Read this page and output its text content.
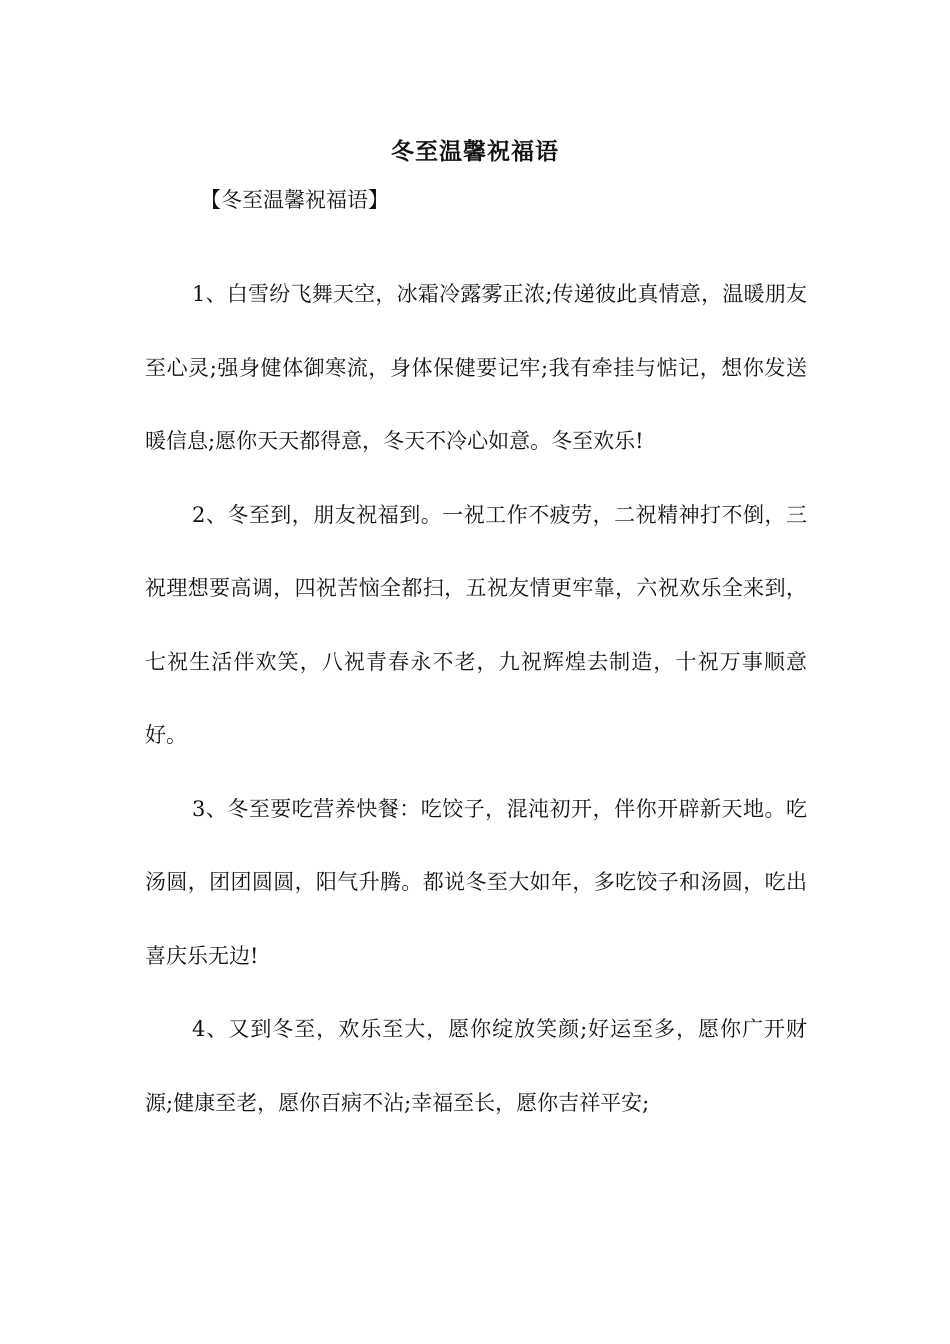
冬至温馨祝福语

【冬至温馨祝福语】

1、白雪纷飞舞天空，冰霜冷露雾正浓;传递彼此真情意，温暖朋友至心灵;强身健体御寒流，身体保健要记牢;我有牵挂与惦记，想你发送暖信息;愿你天天都得意，冬天不冷心如意。冬至欢乐!

2、冬至到，朋友祝福到。一祝工作不疲劳，二祝精神打不倒，三祝理想要高调，四祝苦恼全都扫，五祝友情更牢靠，六祝欢乐全来到，七祝生活伴欢笑，八祝青春永不老，九祝辉煌去制造，十祝万事顺意好。

3、冬至要吃营养快餐：吃饺子，混沌初开，伴你开辟新天地。吃汤圆，团团圆圆，阳气升腾。都说冬至大如年，多吃饺子和汤圆，吃出喜庆乐无边!

4、又到冬至，欢乐至大，愿你绽放笑颜;好运至多，愿你广开财源;健康至老，愿你百病不沾;幸福至长，愿你吉祥平安;
